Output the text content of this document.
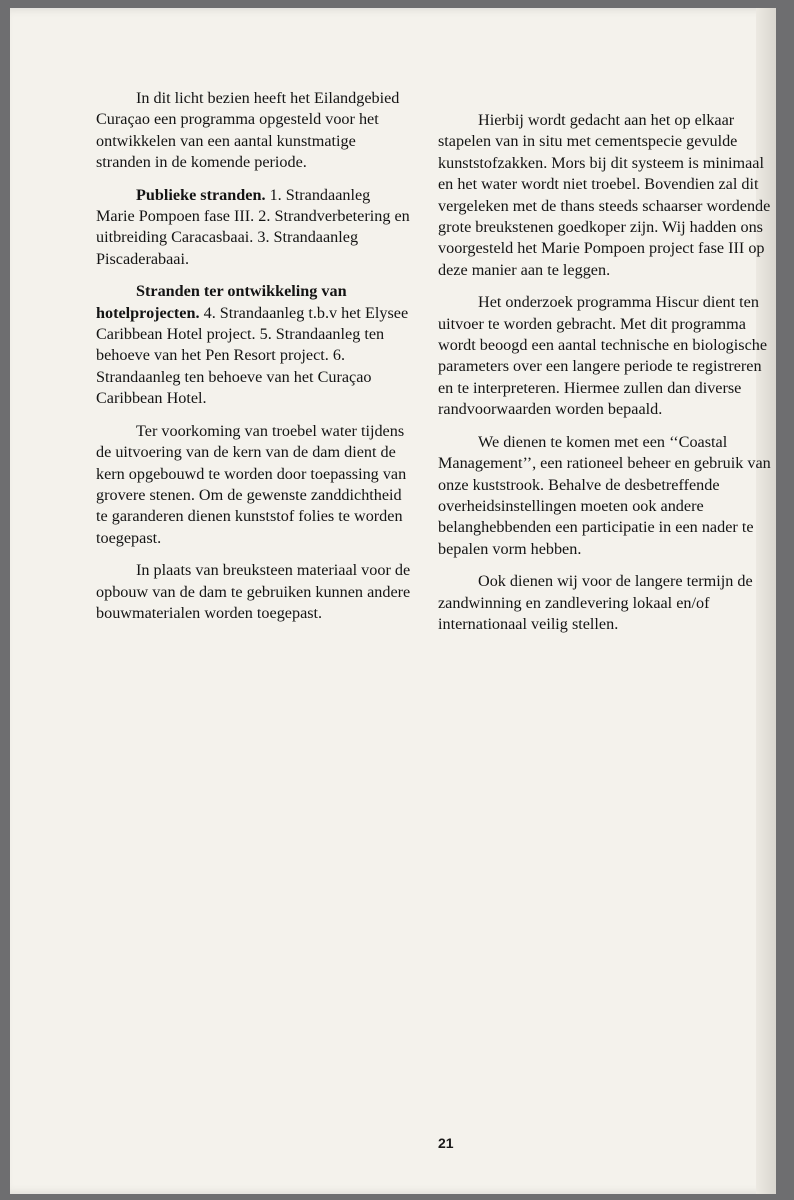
In dit licht bezien heeft het Eilandgebied Curaçao een programma opgesteld voor het ontwikkelen van een aantal kunstmatige stranden in de komende periode.

Publieke stranden. 1. Strandaanleg Marie Pompoen fase III. 2. Strandverbetering en uitbreiding Caracasbaai. 3. Strandaanleg Piscaderabaai.

Stranden ter ontwikkeling van hotelprojecten. 4. Strandaanleg t.b.v het Elysee Caribbean Hotel project. 5. Strandaanleg ten behoeve van het Pen Resort project. 6. Strandaanleg ten behoeve van het Curaçao Caribbean Hotel.

Ter voorkoming van troebel water tijdens de uitvoering van de kern van de dam dient de kern opgebouwd te worden door toepassing van grovere stenen. Om de gewenste zanddichtheid te garanderen dienen kunststof folies te worden toegepast.

In plaats van breuksteen materiaal voor de opbouw van de dam te gebruiken kunnen andere bouwmaterialen worden toegepast.

Hierbij wordt gedacht aan het op elkaar stapelen van in situ met cementspecie gevulde kunststofzakken. Mors bij dit systeem is minimaal en het water wordt niet troebel. Bovendien zal dit vergeleken met de thans steeds schaarser wordende grote breukstenen goedkoper zijn. Wij hadden ons voorgesteld het Marie Pompoen project fase III op deze manier aan te leggen.

Het onderzoek programma Hiscur dient ten uitvoer te worden gebracht. Met dit programma wordt beoogd een aantal technische en biologische parameters over een langere periode te registreren en te interpreteren. Hiermee zullen dan diverse randvoorwaarden worden bepaald.

We dienen te komen met een ‘‘Coastal Management’’, een rationeel beheer en gebruik van onze kuststrook. Behalve de desbetreffende overheidsinstellingen moeten ook andere belanghebbenden een participatie in een nader te bepalen vorm hebben.

Ook dienen wij voor de langere termijn de zandwinning en zandlevering lokaal en/of internationaal veilig stellen.

21
